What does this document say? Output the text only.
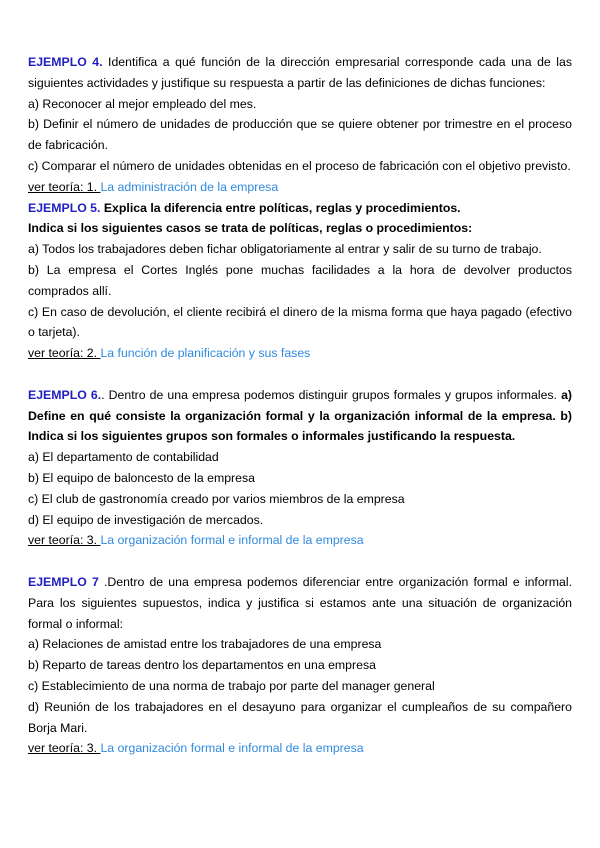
EJEMPLO 4. Identifica a qué función de la dirección empresarial corresponde cada una de las siguientes actividades y justifique su respuesta a partir de las definiciones de dichas funciones:

a) Reconocer al mejor empleado del mes.

b) Definir el número de unidades de producción que se quiere obtener por trimestre en el proceso de fabricación.

c) Comparar el número de unidades obtenidas en el proceso de fabricación con el objetivo previsto.

ver teoría: 1. La administración de la empresa

EJEMPLO 5. Explica la diferencia entre políticas, reglas y procedimientos.

Indica si los siguientes casos se trata de políticas, reglas o procedimientos:

a) Todos los trabajadores deben fichar obligatoriamente al entrar y salir de su turno de trabajo.

b) La empresa el Cortes Inglés pone muchas facilidades a la hora de devolver productos comprados allí.

c) En caso de devolución, el cliente recibirá el dinero de la misma forma que haya pagado (efectivo o tarjeta).

ver teoría: 2. La función de planificación y sus fases

EJEMPLO 6.. Dentro de una empresa podemos distinguir grupos formales y grupos informales. a) Define en qué consiste la organización formal y la organización informal de la empresa. b) Indica si los siguientes grupos son formales o informales justificando la respuesta.

a) El departamento de contabilidad

b) El equipo de baloncesto de la empresa

c) El club de gastronomía creado por varios miembros de la empresa

d) El equipo de investigación de mercados.

ver teoría: 3. La organización formal e informal de la empresa

EJEMPLO 7 .Dentro de una empresa podemos diferenciar entre organización formal e informal. Para los siguientes supuestos, indica y justifica si estamos ante una situación de organización formal o informal:

a) Relaciones de amistad entre los trabajadores de una empresa

b) Reparto de tareas dentro los departamentos en una empresa

c) Establecimiento de una norma de trabajo por parte del manager general

d) Reunión de los trabajadores en el desayuno para organizar el cumpleaños de su compañero Borja Mari.

ver teoría: 3. La organización formal e informal de la empresa
